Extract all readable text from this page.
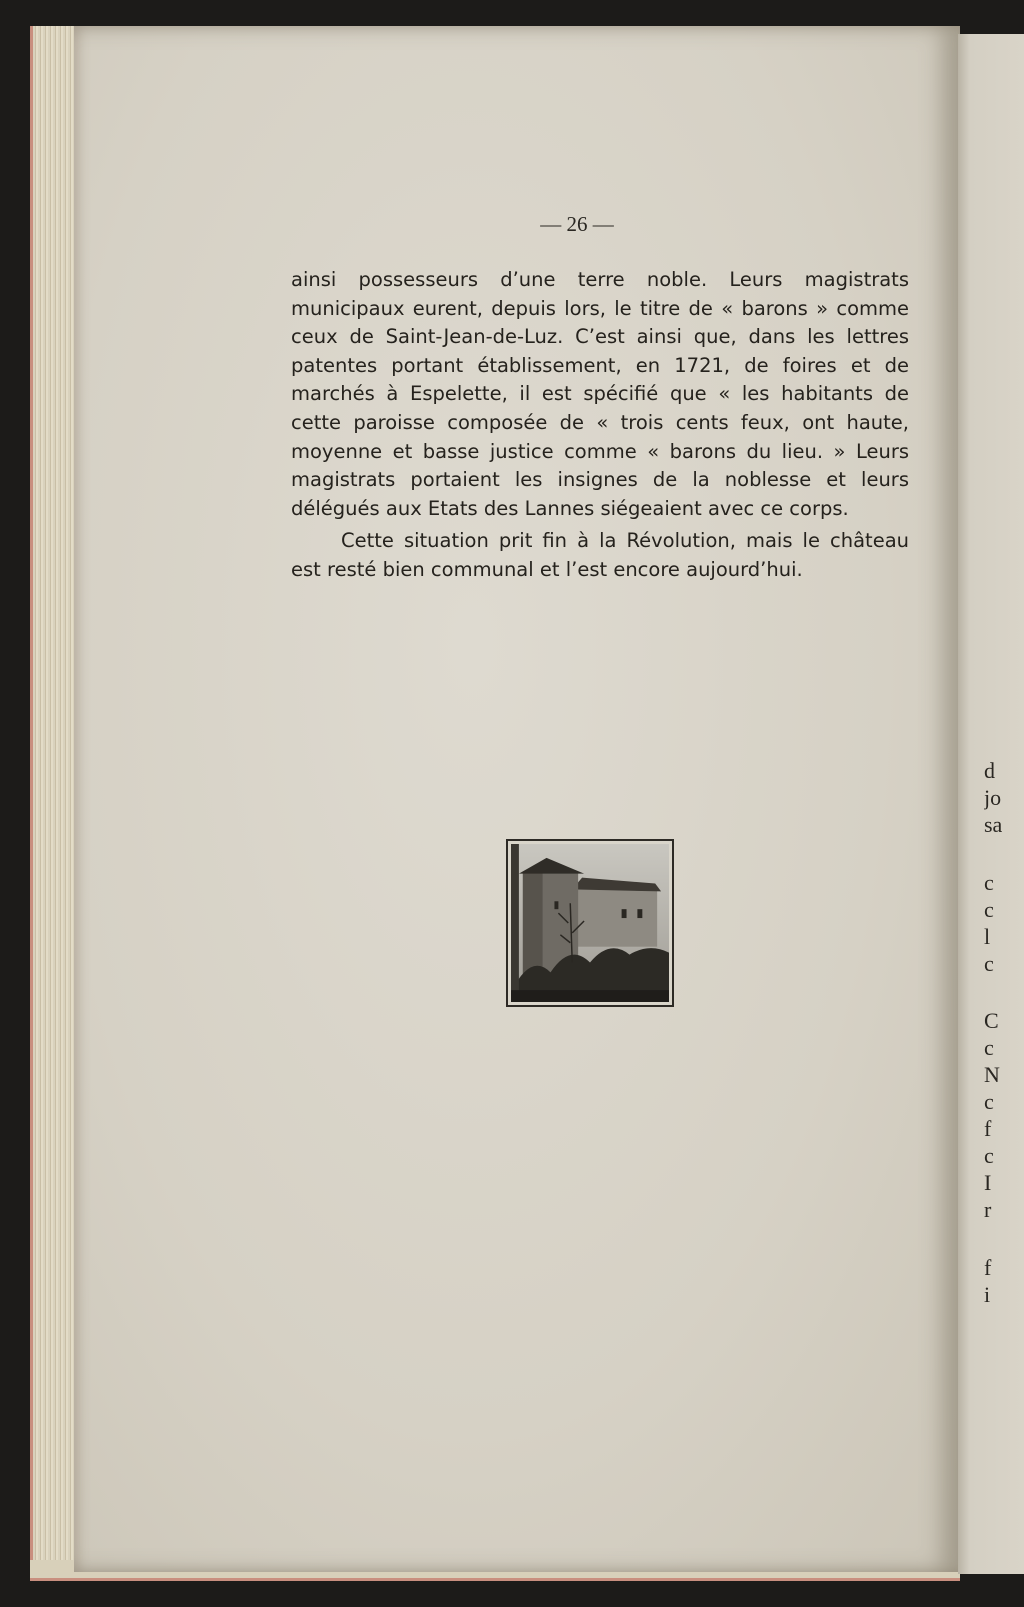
— 26 —

ainsi possesseurs d’une terre noble. Leurs magistrats municipaux eurent, depuis lors, le titre de « barons » comme ceux de Saint-Jean-de-Luz. C’est ainsi que, dans les lettres patentes portant établissement, en 1721, de foires et de marchés à Espelette, il est spécifié que « les habitants de cette paroisse composée de « trois cents feux, ont haute, moyenne et basse justice comme « barons du lieu. » Leurs magistrats portaient les insignes de la noblesse et leurs délégués aux Etats des Lannes siégeaient avec ce corps.

Cette situation prit fin à la Révolution, mais le château est resté bien communal et l’est encore aujourd’hui.

d
jo
sa
c
c
l
c
C
c
N
c
f
c
I
r
f
i
